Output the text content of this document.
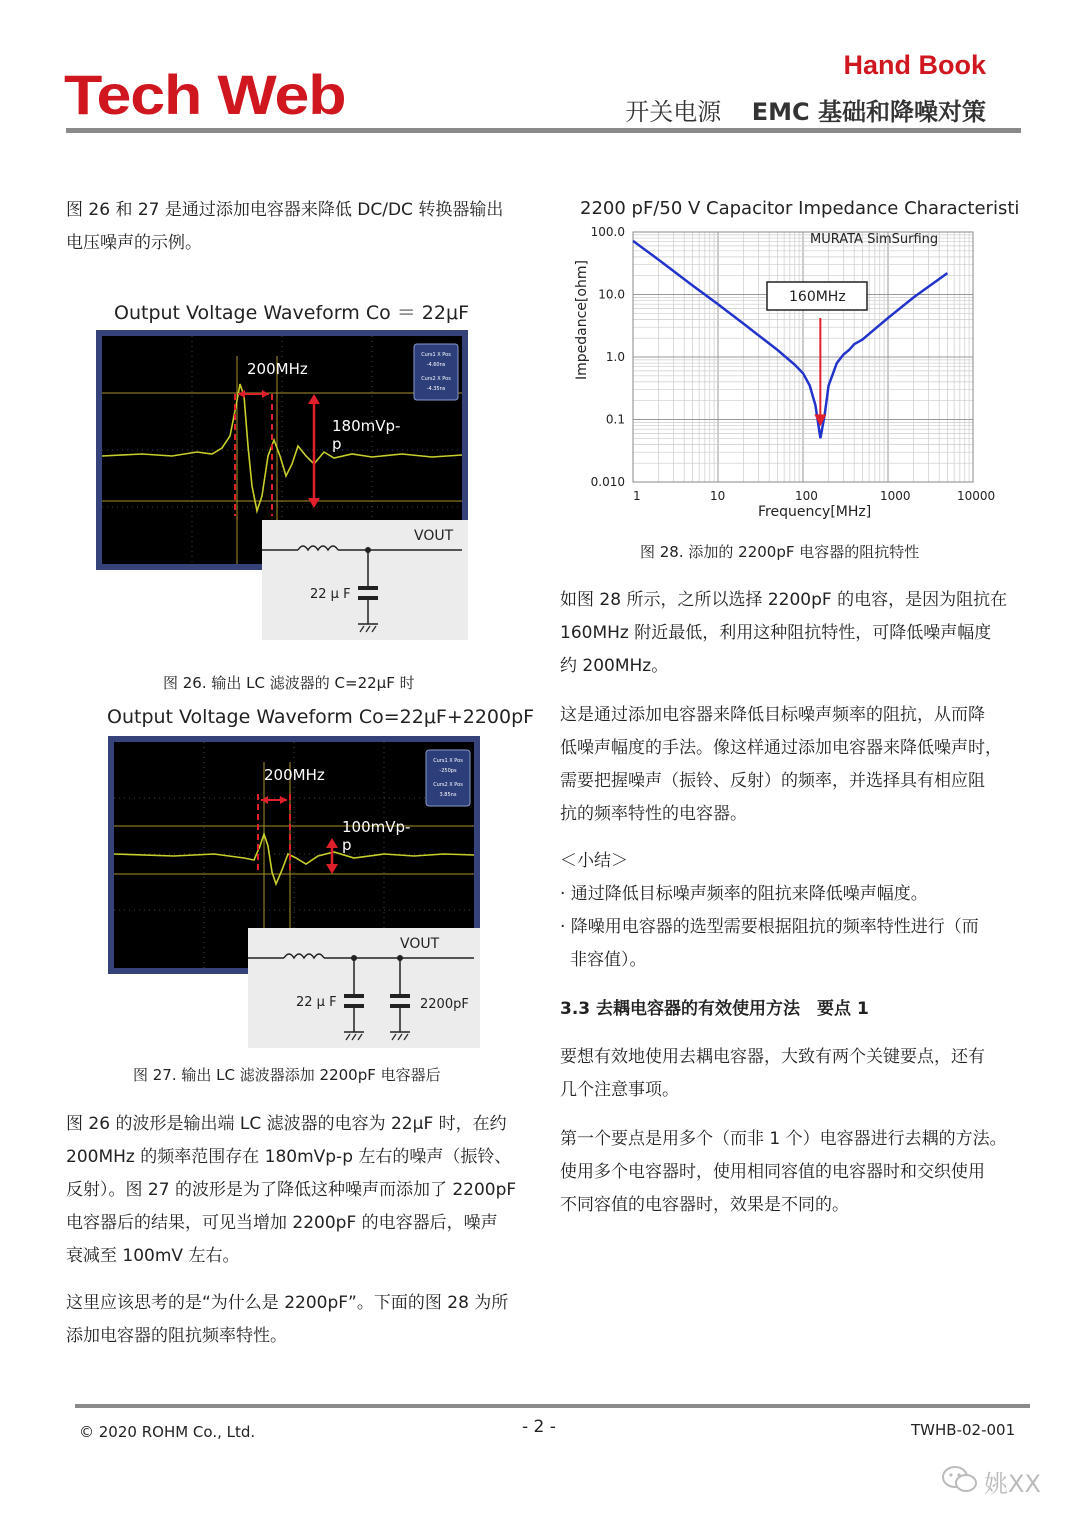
Tech Web	Hand Book
开关电源 EMC 基础和降噪对策
图 26 和 27 是通过添加电容器来降低 DC/DC 转换器输出
电压噪声的示例。
Output Voltage Waveform Co ＝ 22μF
Curs1 X Pos
-4.60ns
Curs2 X Pos
-4.35ns
200MHz
180mVp-
p
VOUT
22 μ F
图 26. 输出 LC 滤波器的 C=22μF 时
Output Voltage Waveform Co=22μF+2200pF
Curs1 X Pos
-250ps
Curs2 X Pos
3.85ns
200MHz
100mVp-
p
VOUT
22 μ F	2200pF
图 27. 输出 LC 滤波器添加 2200pF 电容器后
图 26 的波形是输出端 LC 滤波器的电容为 22μF 时，在约
200MHz 的频率范围存在 180mVp-p 左右的噪声（振铃、
反射）。图 27 的波形是为了降低这种噪声而添加了 2200pF
电容器后的结果，可见当增加 2200pF 的电容器后，噪声
衰减至 100mV 左右。
这里应该思考的是“为什么是 2200pF”。下面的图 28 为所
添加电容器的阻抗频率特性。
2200 pF/50 V Capacitor Impedance Characteristic
1	10	100	1000	10000
100.0
10.0
1.0
0.1
0.010
MURATA SimSurfing
160MHz
Frequency[MHz]
Impedance[ohm]
图 28. 添加的 2200pF 电容器的阻抗特性
如图 28 所示，之所以选择 2200pF 的电容，是因为阻抗在
160MHz 附近最低，利用这种阻抗特性，可降低噪声幅度
约 200MHz。
这是通过添加电容器来降低目标噪声频率的阻抗，从而降
低噪声幅度的手法。像这样通过添加电容器来降低噪声时，
需要把握噪声（振铃、反射）的频率，并选择具有相应阻
抗的频率特性的电容器。
＜小结＞
· 通过降低目标噪声频率的阻抗来降低噪声幅度。
· 降噪用电容器的选型需要根据阻抗的频率特性进行（而
非容值）。
3.3 去耦电容器的有效使用方法　要点 1
要想有效地使用去耦电容器，大致有两个关键要点，还有
几个注意事项。
第一个要点是用多个（而非 1 个）电容器进行去耦的方法。
使用多个电容器时，使用相同容值的电容器时和交织使用
不同容值的电容器时，效果是不同的。
© 2020 ROHM Co., Ltd.	- 2 -	TWHB-02-001
姚XX
